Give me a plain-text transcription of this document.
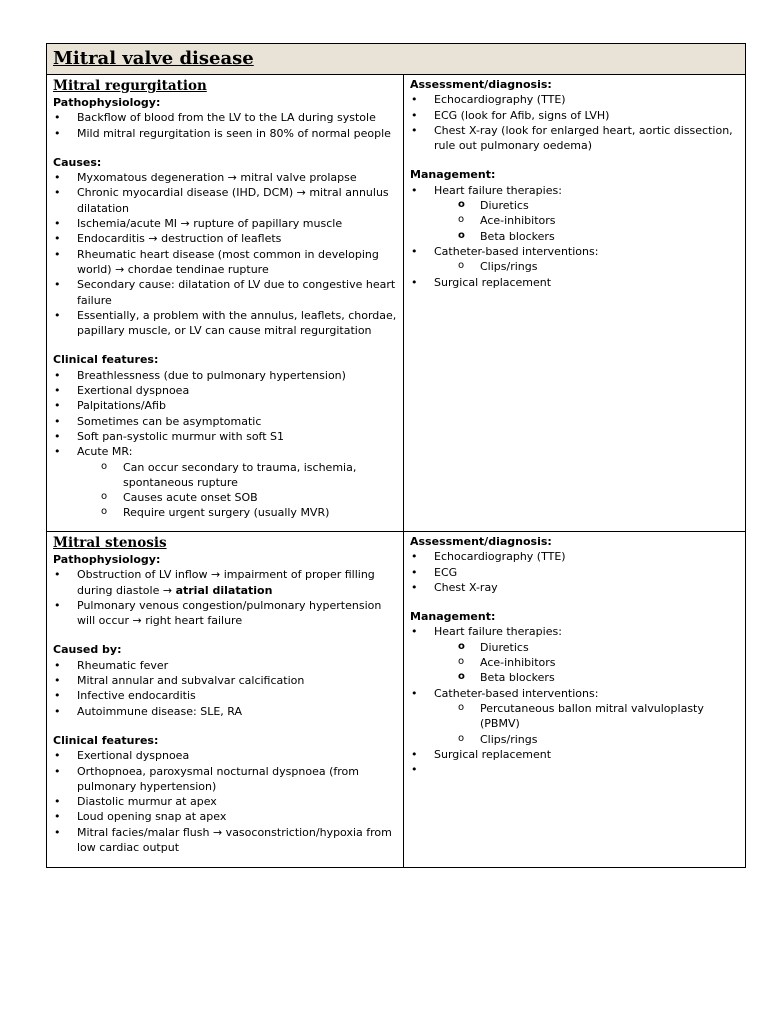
Mitral valve disease

Mitral regurgitation

Pathophysiology:

• Backflow of blood from the LV to the LA during systole
• Mild mitral regurgitation is seen in 80% of normal people

Causes:

• Myxomatous degeneration → mitral valve prolapse
• Chronic myocardial disease (IHD, DCM) → mitral annulus dilatation
• Ischemia/acute MI → rupture of papillary muscle
• Endocarditis → destruction of leaflets
• Rheumatic heart disease (most common in developing world) → chordae tendinae rupture
• Secondary cause: dilatation of LV due to congestive heart failure
• Essentially, a problem with the annulus, leaflets, chordae, papillary muscle, or LV can cause mitral regurgitation

Clinical features:

• Breathlessness (due to pulmonary hypertension)
• Exertional dyspnoea
• Palpitations/Afib
• Sometimes can be asymptomatic
• Soft pan-systolic murmur with soft S1
• Acute MR:
o Can occur secondary to trauma, ischemia, spontaneous rupture
o Causes acute onset SOB
o Require urgent surgery (usually MVR)

Assessment/diagnosis:

• Echocardiography (TTE)
• ECG (look for Afib, signs of LVH)
• Chest X-ray (look for enlarged heart, aortic dissection, rule out pulmonary oedema)

Management:

• Heart failure therapies:
o Diuretics
o Ace-inhibitors
o Beta blockers
• Catheter-based interventions:
o Clips/rings
• Surgical replacement

Mitral stenosis

Pathophysiology:

• Obstruction of LV inflow → impairment of proper filling during diastole → atrial dilatation
• Pulmonary venous congestion/pulmonary hypertension will occur → right heart failure

Caused by:

• Rheumatic fever
• Mitral annular and subvalvar calcification
• Infective endocarditis
• Autoimmune disease: SLE, RA

Clinical features:

• Exertional dyspnoea
• Orthopnoea, paroxysmal nocturnal dyspnoea (from pulmonary hypertension)
• Diastolic murmur at apex
• Loud opening snap at apex
• Mitral facies/malar flush → vasoconstriction/hypoxia from low cardiac output

Assessment/diagnosis:

• Echocardiography (TTE)
• ECG
• Chest X-ray

Management:

• Heart failure therapies:
o Diuretics
o Ace-inhibitors
o Beta blockers
• Catheter-based interventions:
o Percutaneous ballon mitral valvuloplasty (PBMV)
o Clips/rings
• Surgical replacement
•
